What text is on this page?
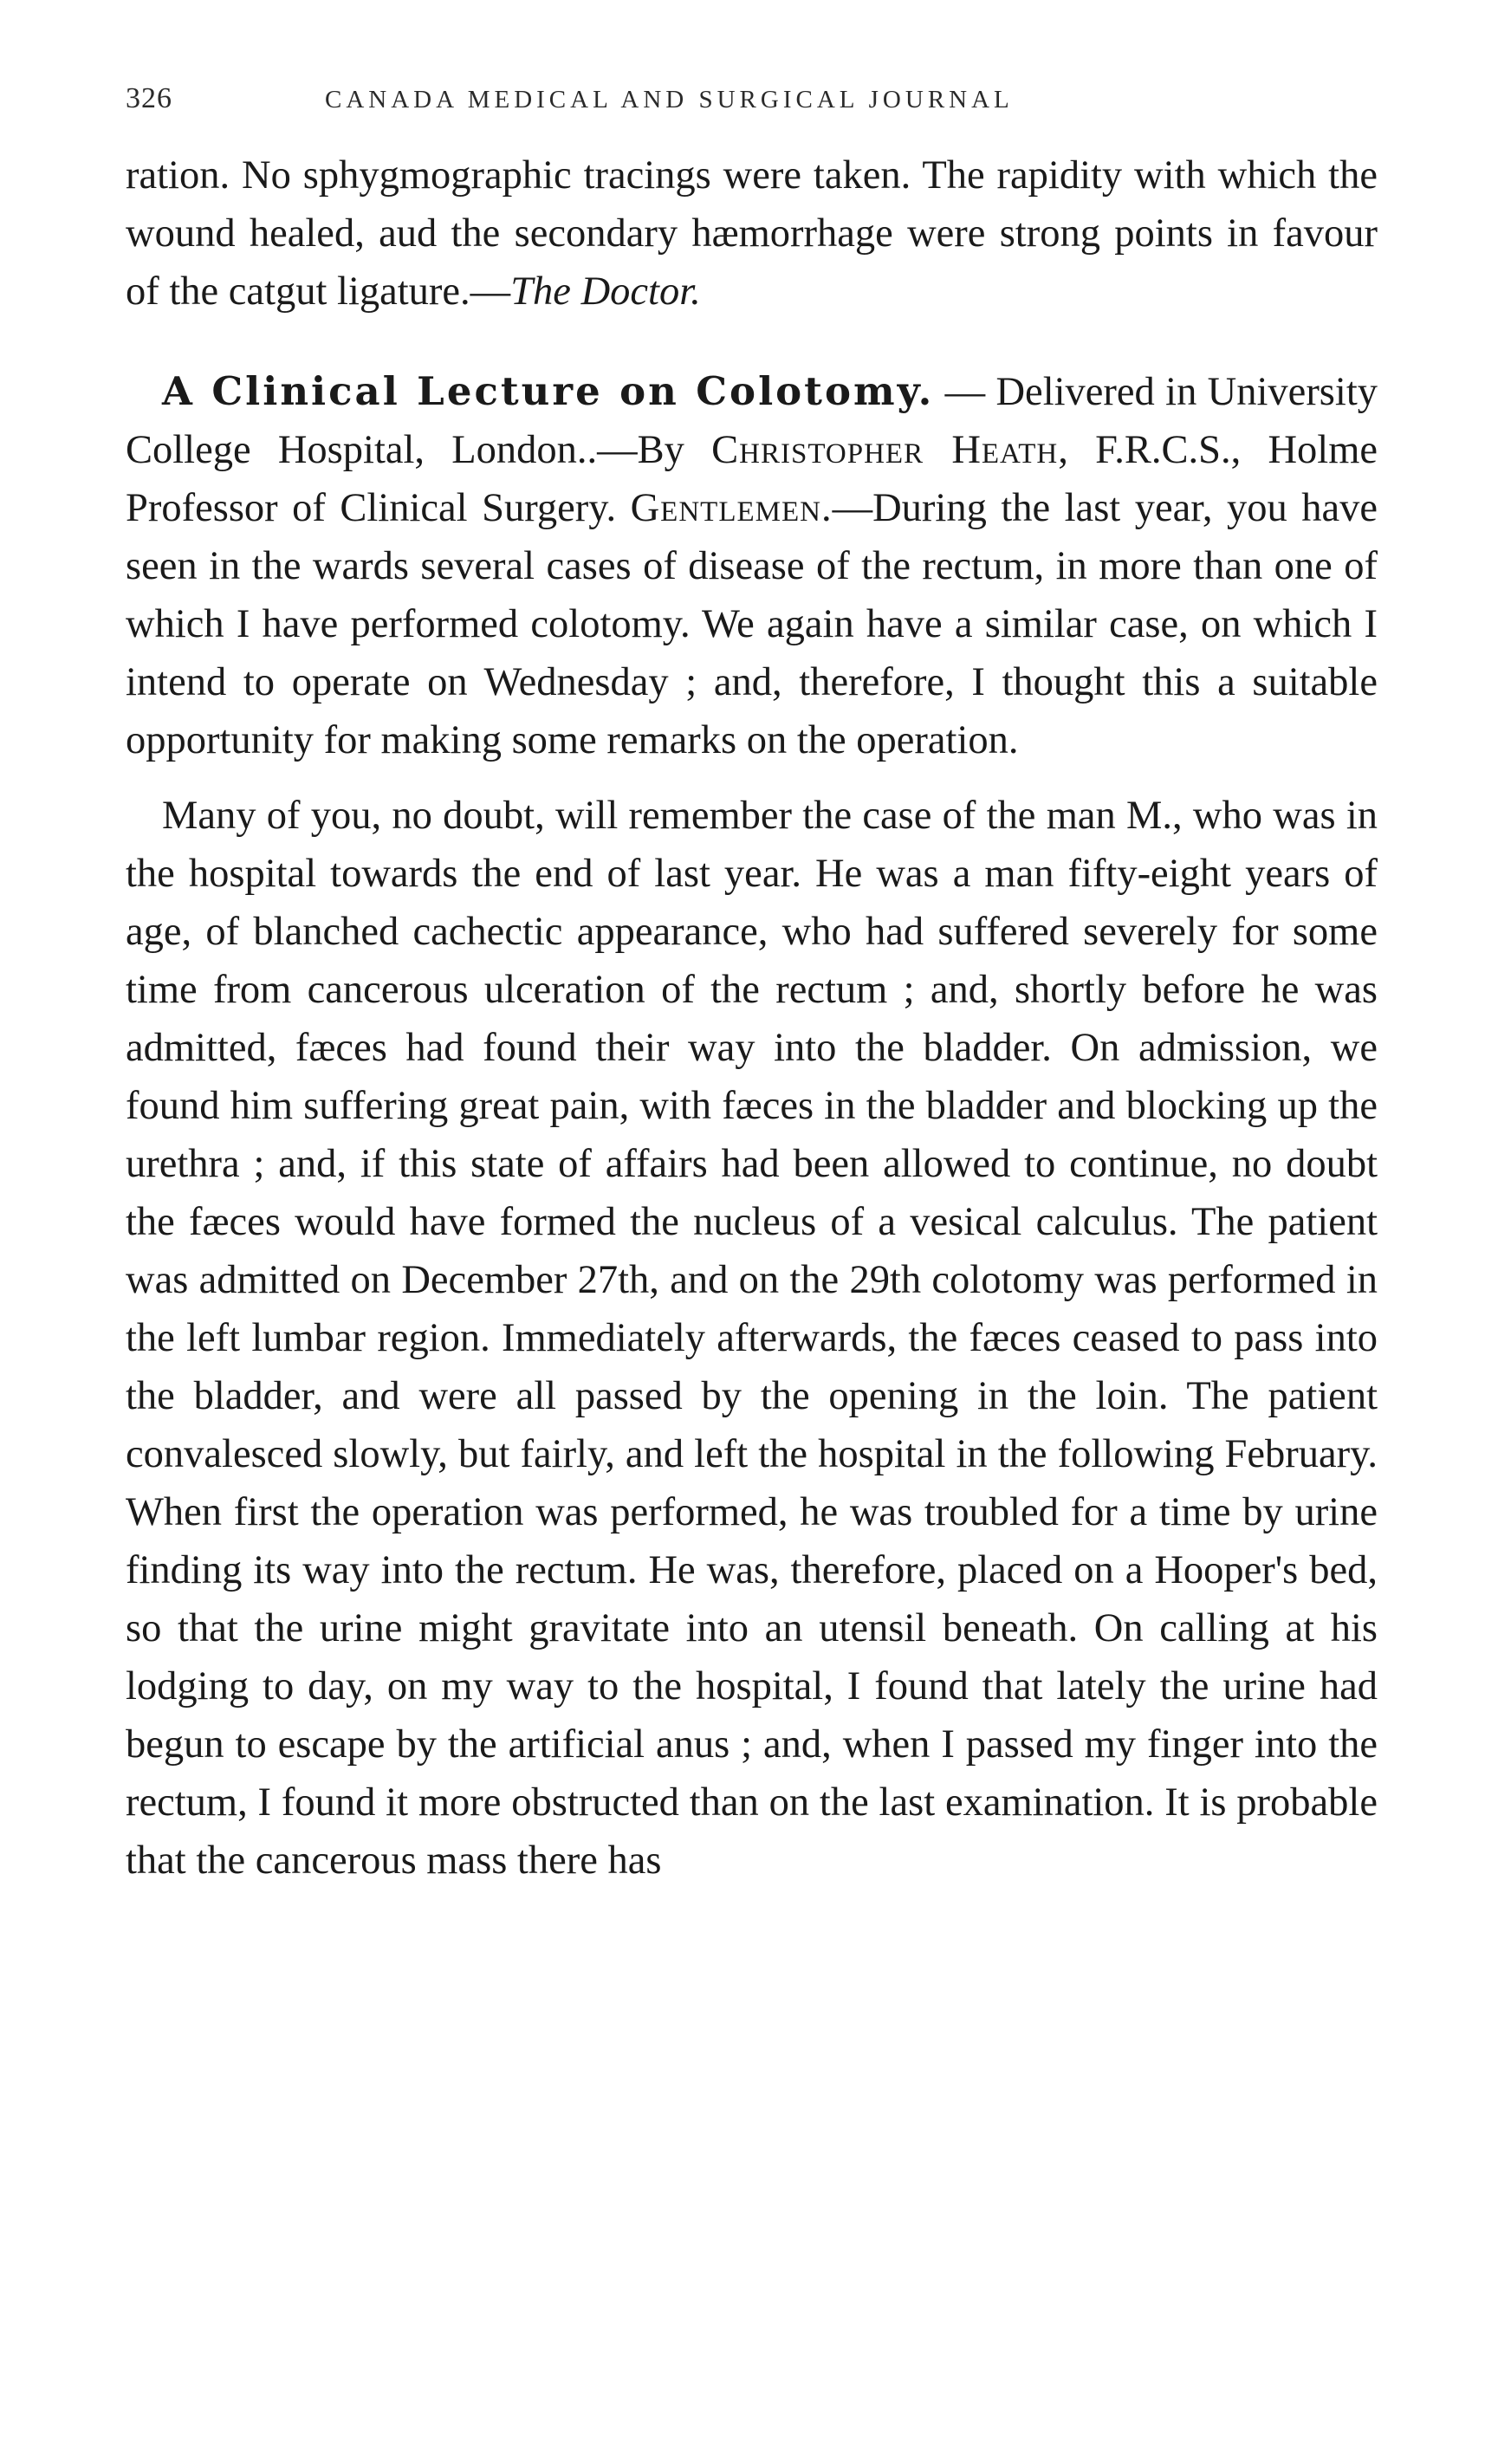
326	CANADA MEDICAL AND SURGICAL JOURNAL

ration. No sphygmographic tracings were taken. The rapidity with which the wound healed, aud the secondary hæmorrhage were strong points in favour of the catgut ligature.—The Doctor.

A Clinical Lecture on Colotomy. — Delivered in University College Hospital, London..—By Christopher Heath, F.R.C.S., Holme Professor of Clinical Surgery. Gentlemen.—During the last year, you have seen in the wards several cases of disease of the rectum, in more than one of which I have performed colotomy. We again have a similar case, on which I intend to operate on Wednesday ; and, therefore, I thought this a suitable opportunity for making some remarks on the operation.

Many of you, no doubt, will remember the case of the man M., who was in the hospital towards the end of last year. He was a man fifty-eight years of age, of blanched cachectic appearance, who had suffered severely for some time from cancerous ulceration of the rectum ; and, shortly before he was admitted, fæces had found their way into the bladder. On admission, we found him suffering great pain, with fæces in the bladder and blocking up the urethra ; and, if this state of affairs had been allowed to continue, no doubt the fæces would have formed the nucleus of a vesical calculus. The patient was admitted on December 27th, and on the 29th colotomy was performed in the left lumbar region. Immediately afterwards, the fæces ceased to pass into the bladder, and were all passed by the opening in the loin. The patient convalesced slowly, but fairly, and left the hospital in the following February. When first the operation was performed, he was troubled for a time by urine finding its way into the rectum. He was, therefore, placed on a Hooper's bed, so that the urine might gravitate into an utensil beneath. On calling at his lodging to day, on my way to the hospital, I found that lately the urine had begun to escape by the artificial anus ; and, when I passed my finger into the rectum, I found it more obstructed than on the last examination. It is probable that the cancerous mass there has
